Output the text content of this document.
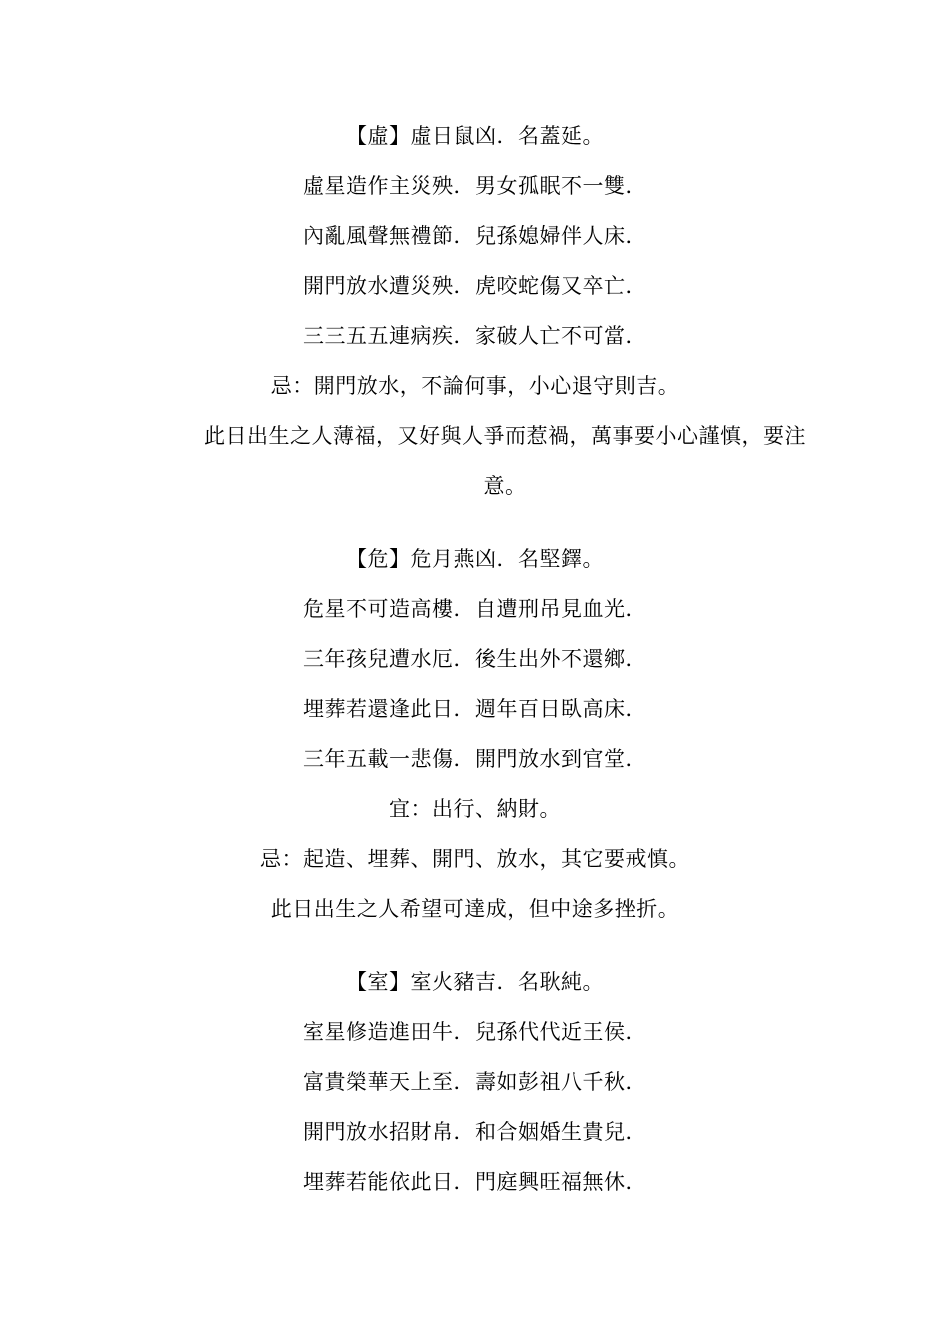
【虛】虛日鼠凶．名蓋延。
虛星造作主災殃．男女孤眠不一雙．
內亂風聲無禮節．兒孫媳婦伴人床．
開門放水遭災殃．虎咬蛇傷又卒亡．
三三五五連病疾．家破人亡不可當．
忌：開門放水，不論何事，小心退守則吉。
此日出生之人薄福，又好與人爭而惹禍，萬事要小心謹慎，要注意。
【危】危月燕凶．名堅鐸。
危星不可造高樓．自遭刑吊見血光．
三年孩兒遭水厄．後生出外不還鄉．
埋葬若還逢此日．週年百日臥高床．
三年五載一悲傷．開門放水到官堂．
宜：出行、納財。
忌：起造、埋葬、開門、放水，其它要戒慎。
此日出生之人希望可達成，但中途多挫折。
【室】室火豬吉．名耿純。
室星修造進田牛．兒孫代代近王侯．
富貴榮華天上至．壽如彭祖八千秋．
開門放水招財帛．和合姻婚生貴兒．
埋葬若能依此日．門庭興旺福無休．
